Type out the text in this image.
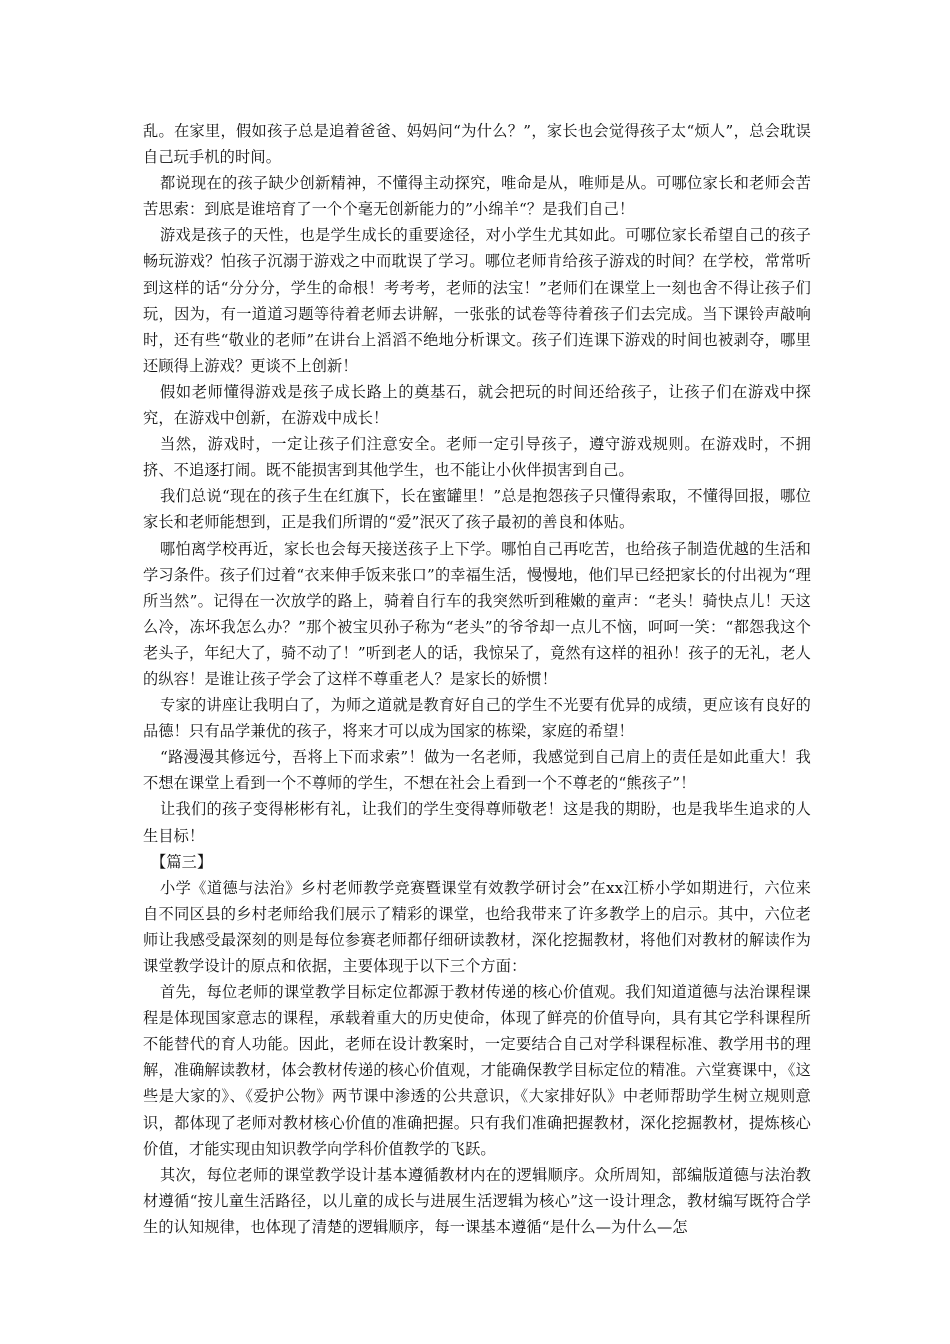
乱。在家里，假如孩子总是追着爸爸、妈妈问“为什么？”，家长也会觉得孩子太“烦人”，总会耽误自己玩手机的时间。

都说现在的孩子缺少创新精神，不懂得主动探究，唯命是从，唯师是从。可哪位家长和老师会苦苦思索：到底是谁培育了一个个毫无创新能力的”小绵羊“？是我们自己！

游戏是孩子的天性，也是学生成长的重要途径，对小学生尤其如此。可哪位家长希望自己的孩子畅玩游戏？怕孩子沉溺于游戏之中而耽误了学习。哪位老师肯给孩子游戏的时间？在学校，常常听到这样的话“分分分，学生的命根！考考考，老师的法宝！”老师们在课堂上一刻也舍不得让孩子们玩，因为，有一道道习题等待着老师去讲解，一张张的试卷等待着孩子们去完成。当下课铃声敲响时，还有些“敬业的老师”在讲台上滔滔不绝地分析课文。孩子们连课下游戏的时间也被剥夺，哪里还顾得上游戏？更谈不上创新！

假如老师懂得游戏是孩子成长路上的奠基石，就会把玩的时间还给孩子，让孩子们在游戏中探究，在游戏中创新，在游戏中成长！

当然，游戏时，一定让孩子们注意安全。老师一定引导孩子，遵守游戏规则。在游戏时，不拥挤、不追逐打闹。既不能损害到其他学生，也不能让小伙伴损害到自己。

我们总说“现在的孩子生在红旗下，长在蜜罐里！”总是抱怨孩子只懂得索取，不懂得回报，哪位家长和老师能想到，正是我们所谓的“爱”泯灭了孩子最初的善良和体贴。

哪怕离学校再近，家长也会每天接送孩子上下学。哪怕自己再吃苦，也给孩子制造优越的生活和学习条件。孩子们过着“衣来伸手饭来张口”的幸福生活，慢慢地，他们早已经把家长的付出视为“理所当然”。记得在一次放学的路上，骑着自行车的我突然听到稚嫩的童声：“老头！骑快点儿！天这么冷，冻坏我怎么办？”那个被宝贝孙子称为“老头”的爷爷却一点儿不恼，呵呵一笑：“都怨我这个老头子，年纪大了，骑不动了！”听到老人的话，我惊呆了，竟然有这样的祖孙！孩子的无礼，老人的纵容！是谁让孩子学会了这样不尊重老人？是家长的娇惯！

专家的讲座让我明白了，为师之道就是教育好自己的学生不光要有优异的成绩，更应该有良好的品德！只有品学兼优的孩子，将来才可以成为国家的栋梁，家庭的希望！

“路漫漫其修远兮，吾将上下而求索”！做为一名老师，我感觉到自己肩上的责任是如此重大！我不想在课堂上看到一个不尊师的学生，不想在社会上看到一个不尊老的“熊孩子”！

让我们的孩子变得彬彬有礼，让我们的学生变得尊师敬老！这是我的期盼，也是我毕生追求的人生目标！

【篇三】

小学《道德与法治》乡村老师教学竞赛暨课堂有效教学研讨会”在xx江桥小学如期进行，六位来自不同区县的乡村老师给我们展示了精彩的课堂，也给我带来了许多教学上的启示。其中，六位老师让我感受最深刻的则是每位参赛老师都仔细研读教材，深化挖掘教材，将他们对教材的解读作为课堂教学设计的原点和依据，主要体现于以下三个方面：

首先，每位老师的课堂教学目标定位都源于教材传递的核心价值观。我们知道道德与法治课程课程是体现国家意志的课程，承载着重大的历史使命，体现了鲜亮的价值导向，具有其它学科课程所不能替代的育人功能。因此，老师在设计教案时，一定要结合自己对学科课程标准、教学用书的理解，准确解读教材，体会教材传递的核心价值观，才能确保教学目标定位的精准。六堂赛课中，《这些是大家的》、《爱护公物》两节课中渗透的公共意识，《大家排好队》中老师帮助学生树立规则意识，都体现了老师对教材核心价值的准确把握。只有我们准确把握教材，深化挖掘教材，提炼核心价值，才能实现由知识教学向学科价值教学的飞跃。

其次，每位老师的课堂教学设计基本遵循教材内在的逻辑顺序。众所周知，部编版道德与法治教材遵循“按儿童生活路径，以儿童的成长与进展生活逻辑为核心”这一设计理念，教材编写既符合学生的认知规律，也体现了清楚的逻辑顺序，每一课基本遵循“是什么—为什么—怎
